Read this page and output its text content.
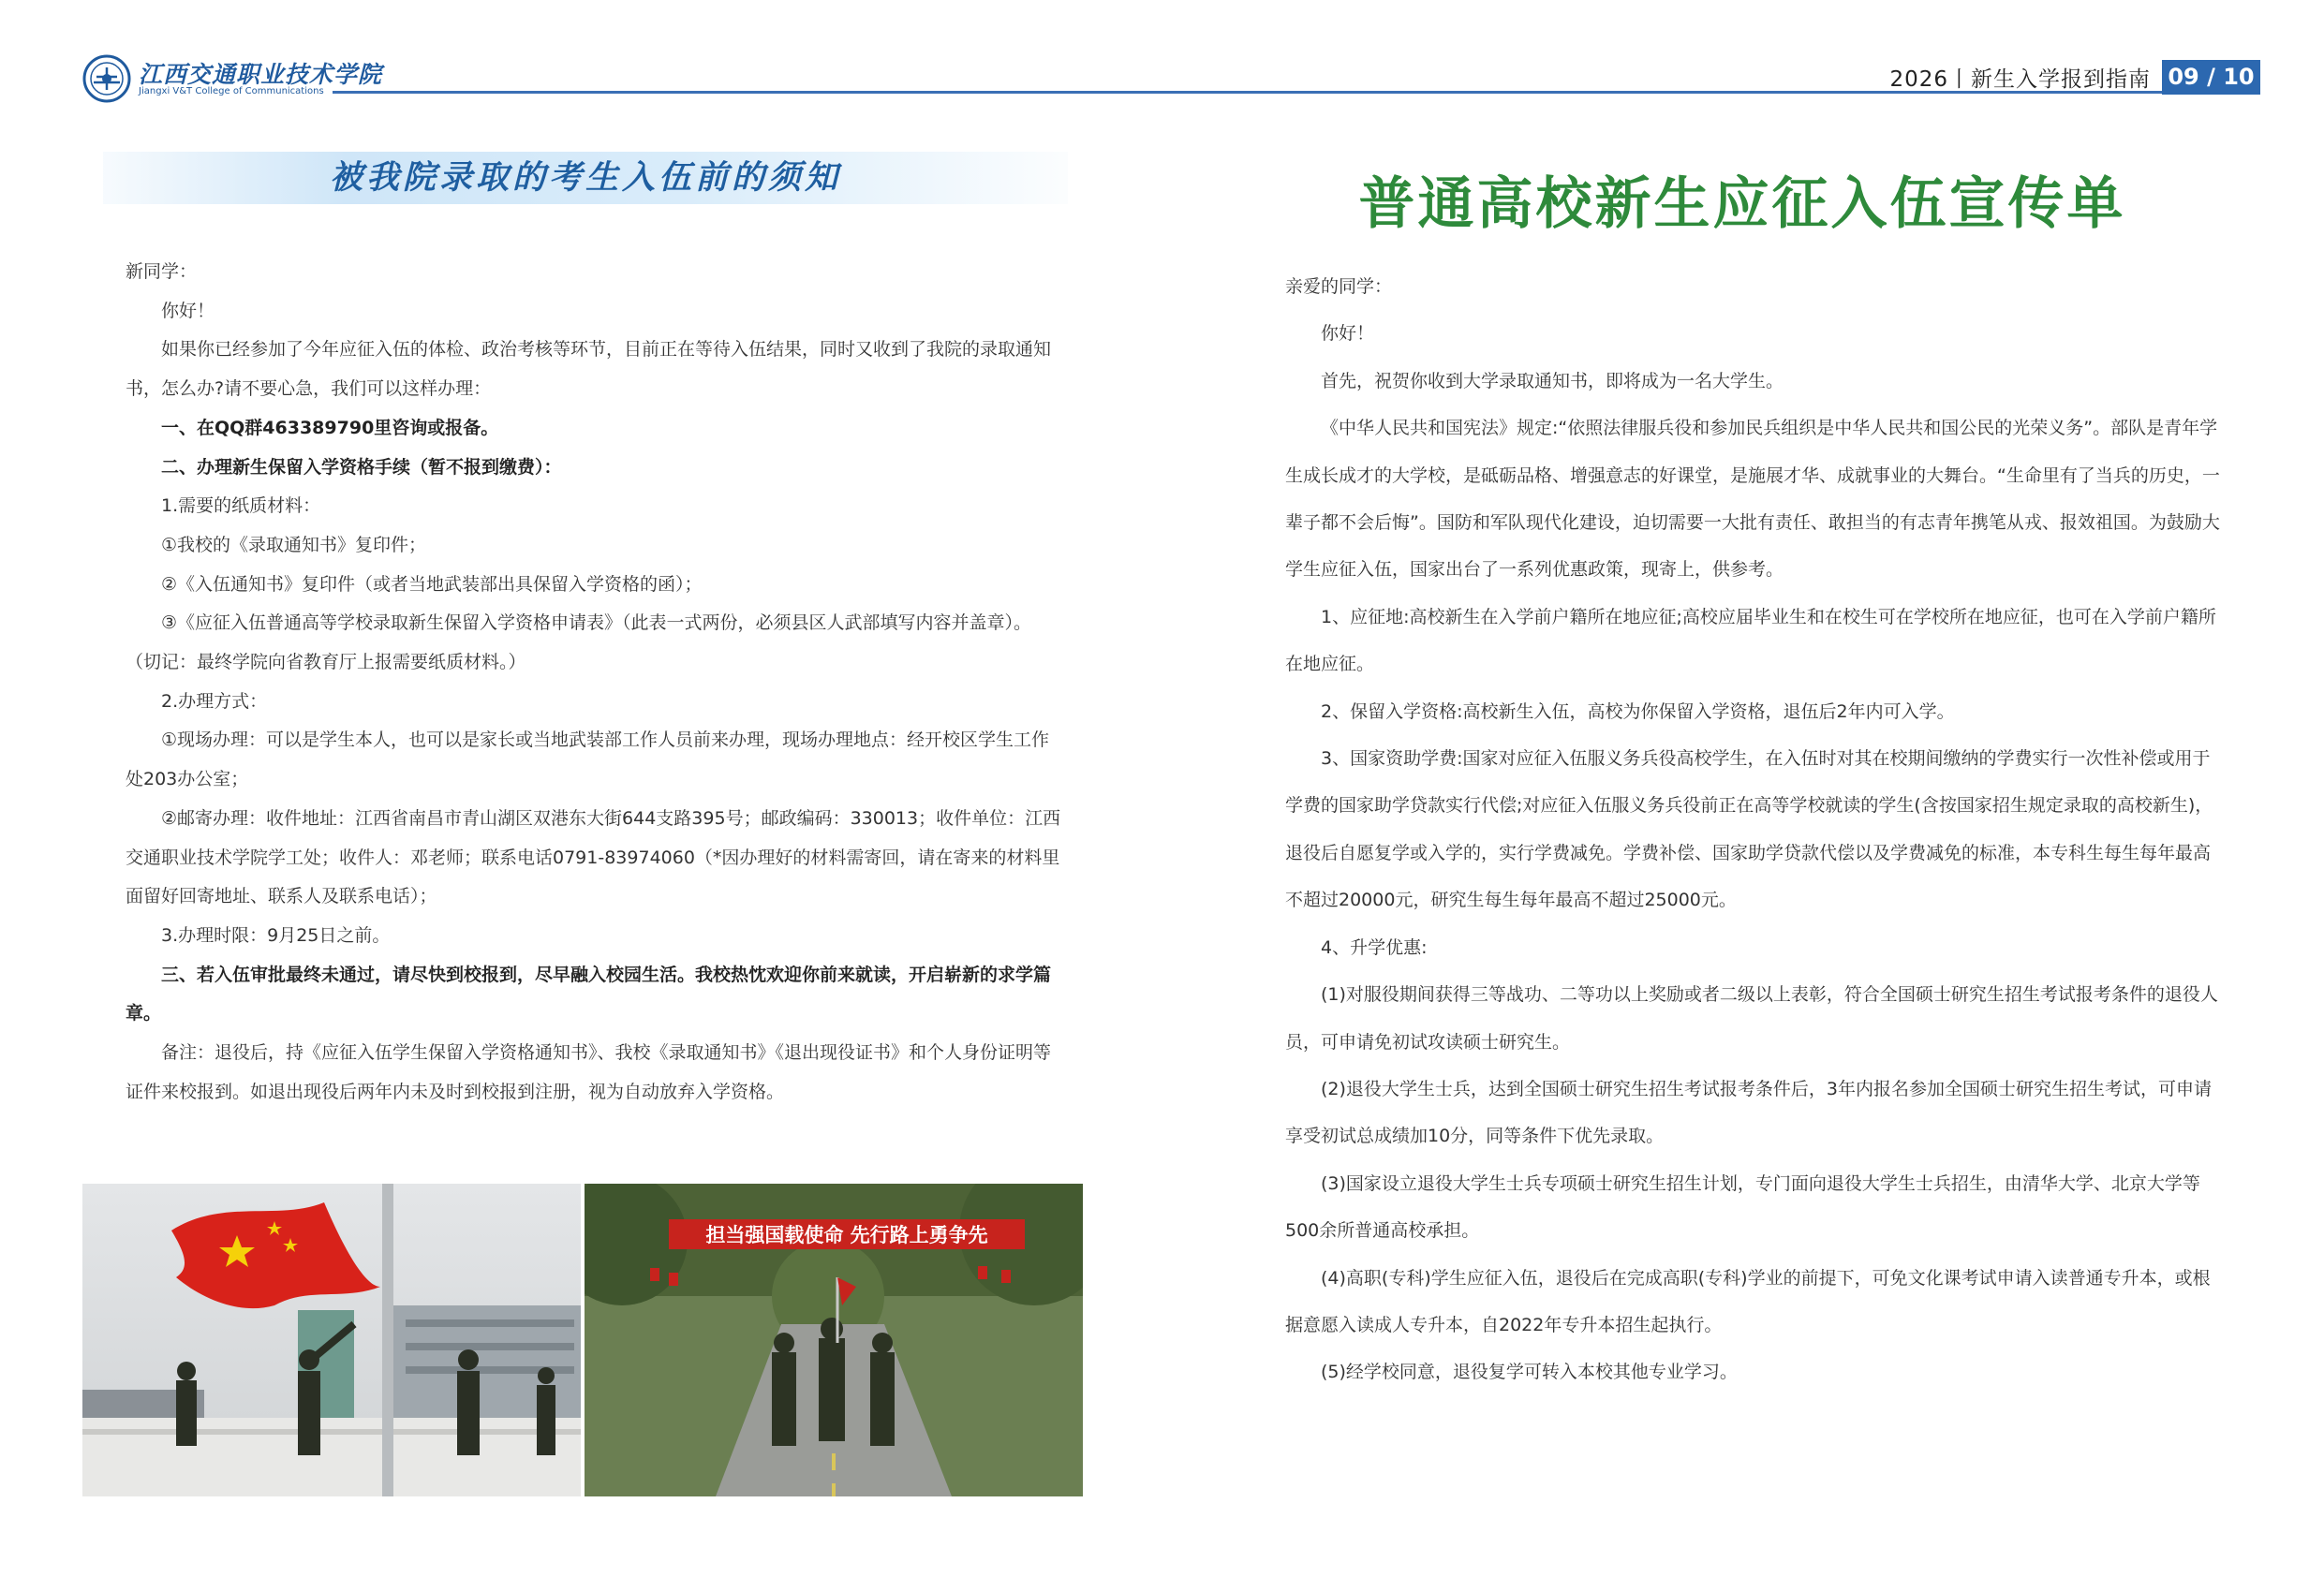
江西交通职业技术学院
Jiangxi V&T College of Communications	2026丨新生入学报到指南 09 / 10
被我院录取的考生入伍前的须知

新同学：

你好！

如果你已经参加了今年应征入伍的体检、政治考核等环节，目前正在等待入伍结果，同时又收到了我院的录取通知书，怎么办?请不要心急，我们可以这样办理：

一、在QQ群463389790里咨询或报备。

二、办理新生保留入学资格手续（暂不报到缴费）：

1.需要的纸质材料：

①我校的《录取通知书》复印件；

②《入伍通知书》复印件（或者当地武装部出具保留入学资格的函）；

③《应征入伍普通高等学校录取新生保留入学资格申请表》（此表一式两份，必须县区人武部填写内容并盖章）。

（切记：最终学院向省教育厅上报需要纸质材料。）

2.办理方式：

①现场办理：可以是学生本人，也可以是家长或当地武装部工作人员前来办理，现场办理地点：经开校区学生工作处203办公室；

②邮寄办理：收件地址：江西省南昌市青山湖区双港东大街644支路395号；邮政编码：330013；收件单位：江西交通职业技术学院学工处；收件人：邓老师；联系电话0791-83974060（*因办理好的材料需寄回，请在寄来的材料里面留好回寄地址、联系人及联系电话）；

3.办理时限：9月25日之前。

三、若入伍审批最终未通过，请尽快到校报到，尽早融入校园生活。我校热忱欢迎你前来就读，开启崭新的求学篇章。

备注：退役后，持《应征入伍学生保留入学资格通知书》、我校《录取通知书》《退出现役证书》和个人身份证明等证件来校报到。如退出现役后两年内未及时到校报到注册，视为自动放弃入学资格。

担当强国载使命 先行路上勇争先
普通高校新生应征入伍宣传单

亲爱的同学：

你好！

首先，祝贺你收到大学录取通知书，即将成为一名大学生。

《中华人民共和国宪法》规定:“依照法律服兵役和参加民兵组织是中华人民共和国公民的光荣义务”。部队是青年学生成长成才的大学校，是砥砺品格、增强意志的好课堂，是施展才华、成就事业的大舞台。“生命里有了当兵的历史，一辈子都不会后悔”。国防和军队现代化建设，迫切需要一大批有责任、敢担当的有志青年携笔从戎、报效祖国。为鼓励大学生应征入伍，国家出台了一系列优惠政策，现寄上，供参考。

1、应征地:高校新生在入学前户籍所在地应征;高校应届毕业生和在校生可在学校所在地应征，也可在入学前户籍所在地应征。

2、保留入学资格:高校新生入伍，高校为你保留入学资格，退伍后2年内可入学。

3、国家资助学费:国家对应征入伍服义务兵役高校学生，在入伍时对其在校期间缴纳的学费实行一次性补偿或用于学费的国家助学贷款实行代偿;对应征入伍服义务兵役前正在高等学校就读的学生(含按国家招生规定录取的高校新生)，退役后自愿复学或入学的，实行学费减免。学费补偿、国家助学贷款代偿以及学费减免的标准，本专科生每生每年最高不超过20000元，研究生每生每年最高不超过25000元。

4、升学优惠:

(1)对服役期间获得三等战功、二等功以上奖励或者二级以上表彰，符合全国硕士研究生招生考试报考条件的退役人员，可申请免初试攻读硕士研究生。

(2)退役大学生士兵，达到全国硕士研究生招生考试报考条件后，3年内报名参加全国硕士研究生招生考试，可申请享受初试总成绩加10分，同等条件下优先录取。

(3)国家设立退役大学生士兵专项硕士研究生招生计划，专门面向退役大学生士兵招生，由清华大学、北京大学等500余所普通高校承担。

(4)高职(专科)学生应征入伍，退役后在完成高职(专科)学业的前提下，可免文化课考试申请入读普通专升本，或根据意愿入读成人专升本，自2022年专升本招生起执行。

(5)经学校同意，退役复学可转入本校其他专业学习。
